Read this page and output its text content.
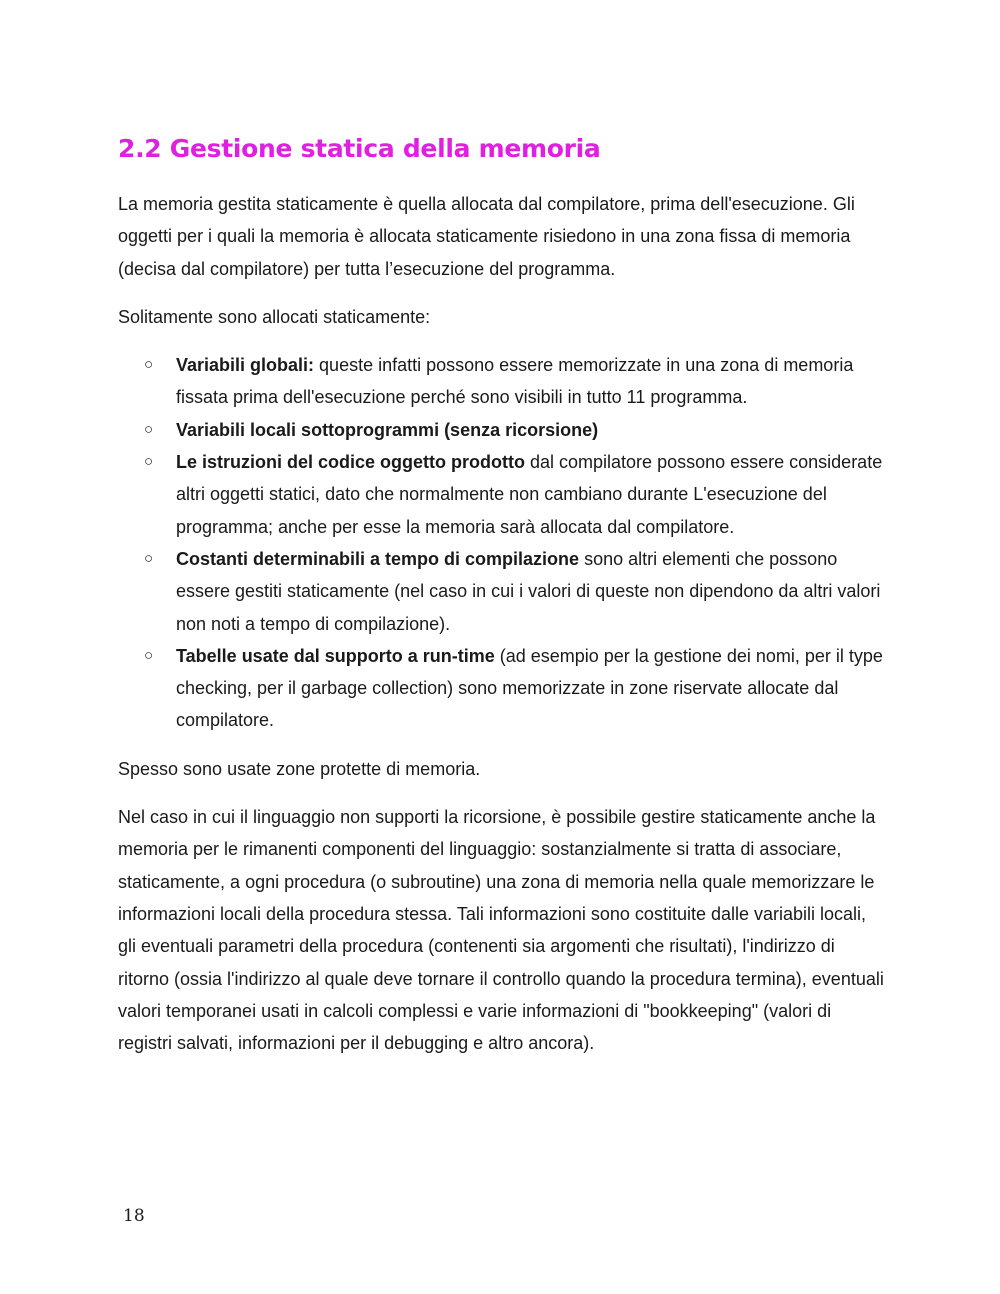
2.2 Gestione statica della memoria

La memoria gestita staticamente è quella allocata dal compilatore, prima dell'esecuzione. Gli oggetti per i quali la memoria è allocata staticamente risiedono in una zona fissa di memoria (decisa dal compilatore) per tutta l’esecuzione del programma.

Solitamente sono allocati staticamente:

○ Variabili globali: queste infatti possono essere memorizzate in una zona di memoria fissata prima dell'esecuzione perché sono visibili in tutto 11 programma.
○ Variabili locali sottoprogrammi (senza ricorsione)
○ Le istruzioni del codice oggetto prodotto dal compilatore possono essere considerate altri oggetti statici, dato che normalmente non cambiano durante L'esecuzione del programma; anche per esse la memoria sarà allocata dal compilatore.
○ Costanti determinabili a tempo di compilazione sono altri elementi che possono essere gestiti staticamente (nel caso in cui i valori di queste non dipendono da altri valori non noti a tempo di compilazione).
○ Tabelle usate dal supporto a run-time (ad esempio per la gestione dei nomi, per il type checking, per il garbage collection) sono memorizzate in zone riservate allocate dal compilatore.

Spesso sono usate zone protette di memoria.

Nel caso in cui il linguaggio non supporti la ricorsione, è possibile gestire staticamente anche la memoria per le rimanenti componenti del linguaggio: sostanzialmente si tratta di associare, staticamente, a ogni procedura (o subroutine) una zona di memoria nella quale memorizzare le informazioni locali della procedura stessa. Tali informazioni sono costituite dalle variabili locali, gli eventuali parametri della procedura (contenenti sia argomenti che risultati), l'indirizzo di ritorno (ossia l'indirizzo al quale deve tornare il controllo quando la procedura termina), eventuali valori temporanei usati in calcoli complessi e varie informazioni di "bookkeeping" (valori di registri salvati, informazioni per il debugging e altro ancora).

18
